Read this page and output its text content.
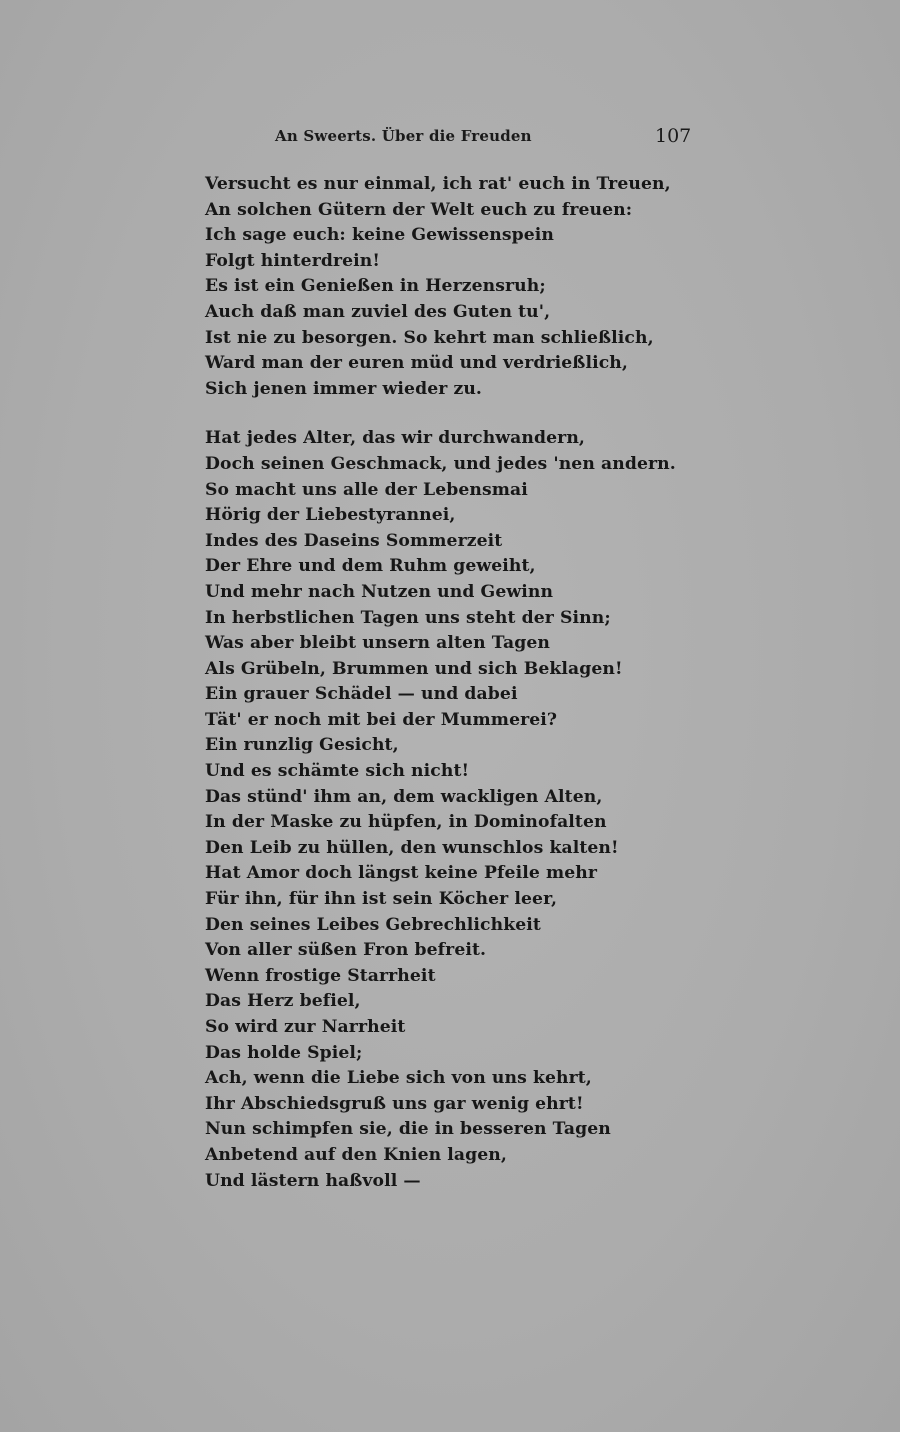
An Sweerts. Über die Freuden	107
Versucht es nur einmal, ich rat' euch in Treuen,
An solchen Gütern der Welt euch zu freuen:
Ich sage euch: keine Gewissenspein
Folgt hinterdrein!
Es ist ein Genießen in Herzensruh;
Auch daß man zuviel des Guten tu',
Ist nie zu besorgen. So kehrt man schließlich,
Ward man der euren müd und verdrießlich,
Sich jenen immer wieder zu.
Hat jedes Alter, das wir durchwandern,
Doch seinen Geschmack, und jedes 'nen andern.
So macht uns alle der Lebensmai
Hörig der Liebestyrannei,
Indes des Daseins Sommerzeit
Der Ehre und dem Ruhm geweiht,
Und mehr nach Nutzen und Gewinn
In herbstlichen Tagen uns steht der Sinn;
Was aber bleibt unsern alten Tagen
Als Grübeln, Brummen und sich Beklagen!
Ein grauer Schädel — und dabei
Tät' er noch mit bei der Mummerei?
Ein runzlig Gesicht,
Und es schämte sich nicht!
Das stünd' ihm an, dem wackligen Alten,
In der Maske zu hüpfen, in Dominofalten
Den Leib zu hüllen, den wunschlos kalten!
Hat Amor doch längst keine Pfeile mehr
Für ihn, für ihn ist sein Köcher leer,
Den seines Leibes Gebrechlichkeit
Von aller süßen Fron befreit.
Wenn frostige Starrheit
Das Herz befiel,
So wird zur Narrheit
Das holde Spiel;
Ach, wenn die Liebe sich von uns kehrt,
Ihr Abschiedsgruß uns gar wenig ehrt!
Nun schimpfen sie, die in besseren Tagen
Anbetend auf den Knien lagen,
Und lästern haßvoll —
